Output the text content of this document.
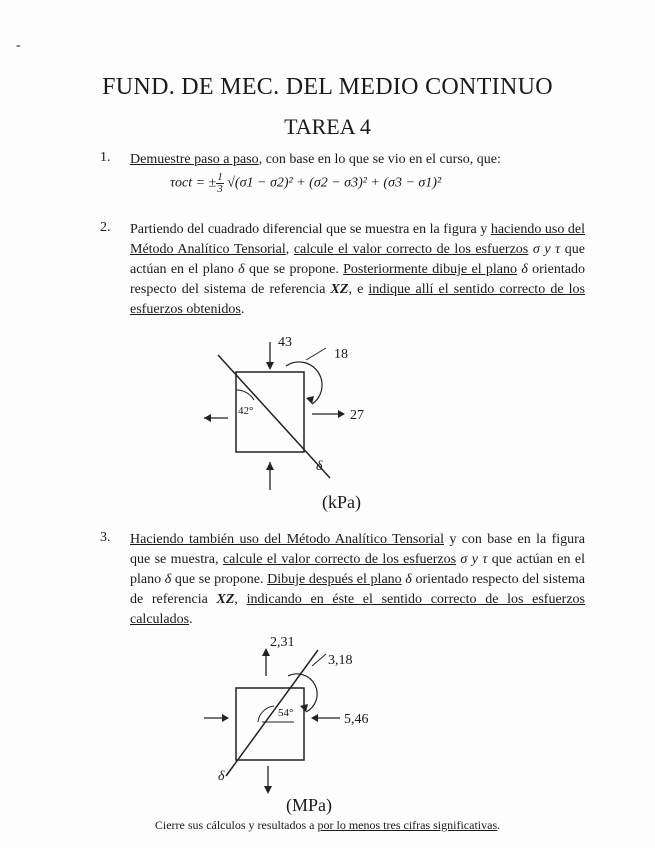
-
FUND. DE MEC. DEL MEDIO CONTINUO
TAREA 4
1. Demuestre paso a paso, con base en lo que se vio en el curso, que:
τoct = ± $\frac{1}{3} √(\sigma 1 - \sigma 2)^2 + (\sigma 2 - \sigma 3)^2 + (\sigma 3 - \sigma 1)^2$
2. Partiendo del cuadrado diferencial que se muestra en la figura y haciendo uso del Método Analítico Tensorial, calcule el valor correcto de los esfuerzos σ y τ que actúan en el plano δ que se propone. Posteriormente dibuje el plano δ orientado respecto del sistema de referencia XZ, e indique allí el sentido correcto de los esfuerzos obtenidos.
43
18
27
42°
δ
(kPa)
3. Haciendo también uso del Método Analítico Tensorial y con base en la figura que se muestra, calcule el valor correcto de los esfuerzos σ y τ que actúan en el plano δ que se propone. Dibuje después el plano δ orientado respecto del sistema de referencia XZ, indicando en éste el sentido correcto de los esfuerzos calculados.
2,31
3,18
5,46
54°
δ
(MPa)
Cierre sus cálculos y resultados a por lo menos tres cifras significativas.
